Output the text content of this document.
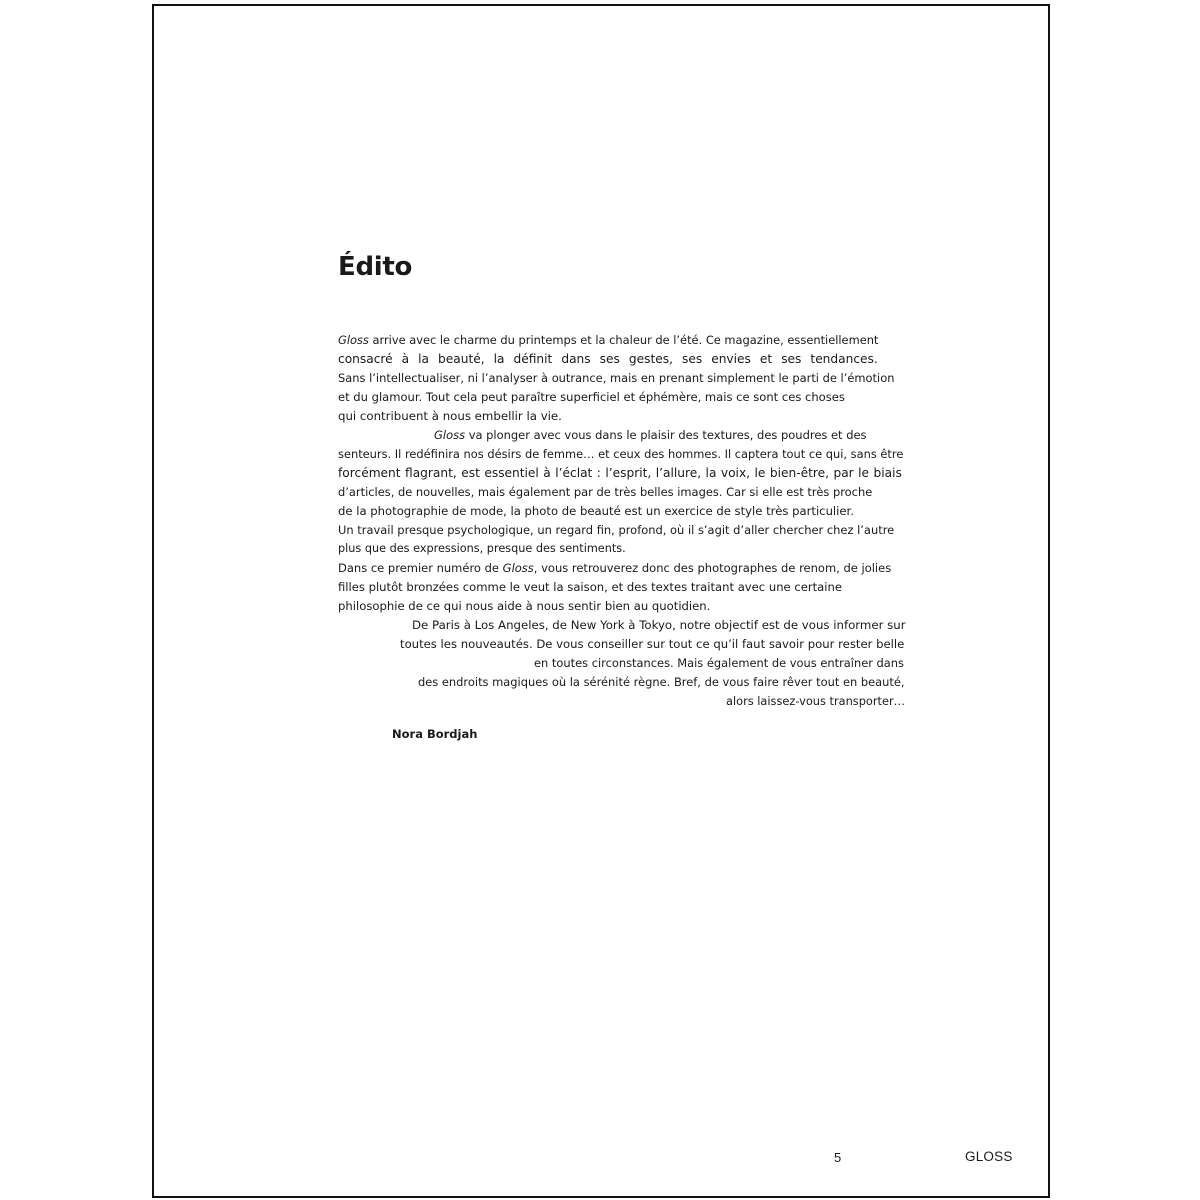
Édito
Gloss arrive avec le charme du printemps et la chaleur de l’été. Ce magazine, essentiellement
consacré à la beauté, la définit dans ses gestes, ses envies et ses tendances.
Sans l’intellectualiser, ni l’analyser à outrance, mais en prenant simplement le parti de l’émotion
et du glamour. Tout cela peut paraître superficiel et éphémère, mais ce sont ces choses
qui contribuent à nous embellir la vie.
Gloss va plonger avec vous dans le plaisir des textures, des poudres et des
senteurs. Il redéfinira nos désirs de femme… et ceux des hommes. Il captera tout ce qui, sans être
forcément flagrant, est essentiel à l’éclat : l’esprit, l’allure, la voix, le bien-être, par le biais
d’articles, de nouvelles, mais également par de très belles images. Car si elle est très proche
de la photographie de mode, la photo de beauté est un exercice de style très particulier.
Un travail presque psychologique, un regard fin, profond, où il s’agit d’aller chercher chez l’autre
plus que des expressions, presque des sentiments.
Dans ce premier numéro de Gloss, vous retrouverez donc des photographes de renom, de jolies
filles plutôt bronzées comme le veut la saison, et des textes traitant avec une certaine
philosophie de ce qui nous aide à nous sentir bien au quotidien.
De Paris à Los Angeles, de New York à Tokyo, notre objectif est de vous informer sur
toutes les nouveautés. De vous conseiller sur tout ce qu’il faut savoir pour rester belle
en toutes circonstances. Mais également de vous entraîner dans
des endroits magiques où la sérénité règne. Bref, de vous faire rêver tout en beauté,
alors laissez-vous transporter…
Nora Bordjah
5	GLOSS
